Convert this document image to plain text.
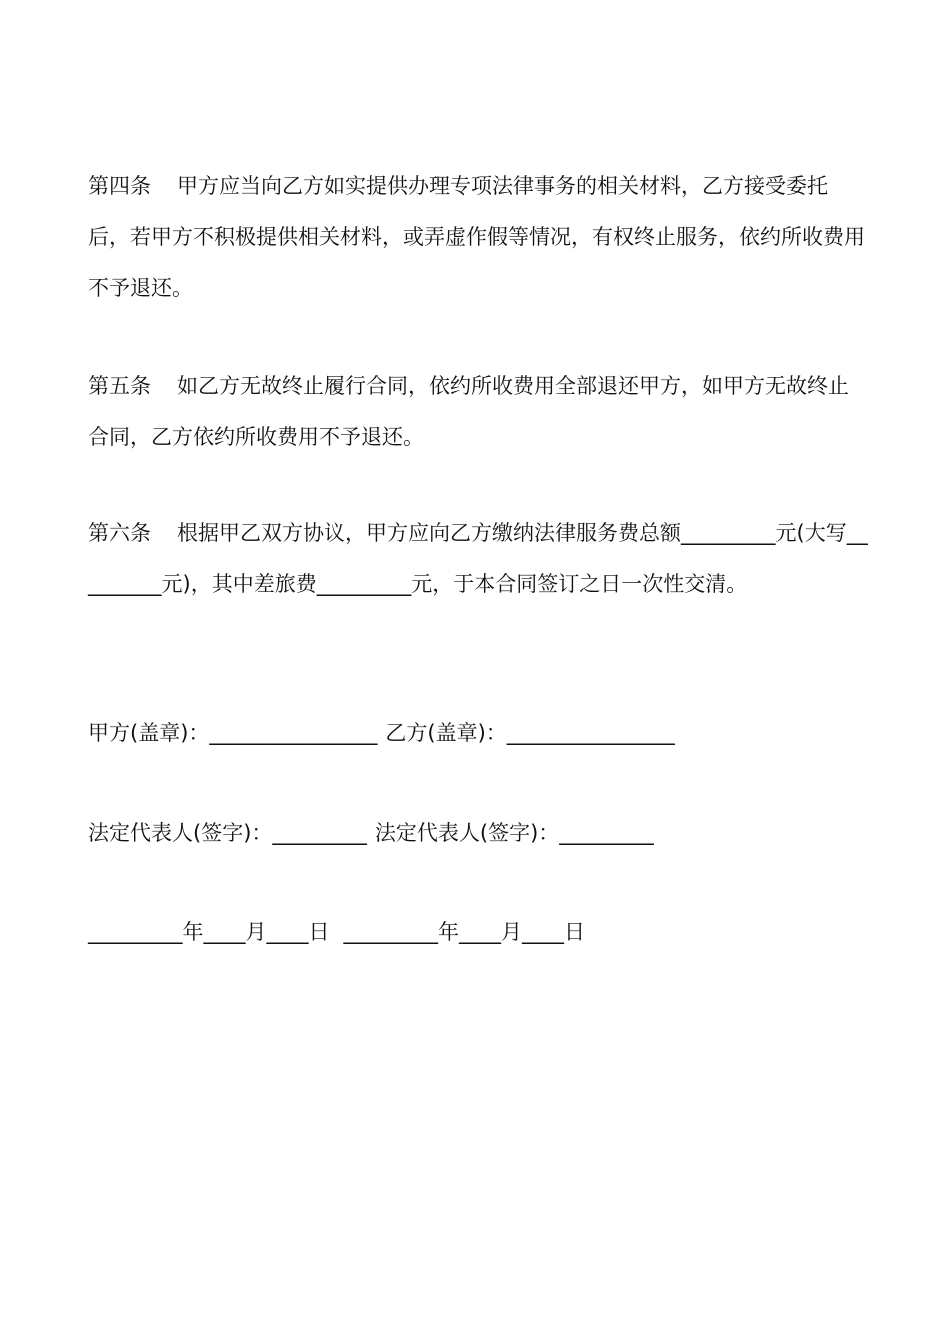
第四条 甲方应当向乙方如实提供办理专项法律事务的相关材料，乙方接受委托后，若甲方不积极提供相关材料，或弄虚作假等情况，有权终止服务，依约所收费用不予退还。

第五条 如乙方无故终止履行合同，依约所收费用全部退还甲方，如甲方无故终止合同，乙方依约所收费用不予退还。

第六条 根据甲乙双方协议，甲方应向乙方缴纳法律服务费总额_________元(大写_________元)，其中差旅费_________元，于本合同签订之日一次性交清。

甲方(盖章)：________________ 乙方(盖章)：________________
法定代表人(签字)：_________ 法定代表人(签字)：_________
_________年____月____日 _________年____月____日
